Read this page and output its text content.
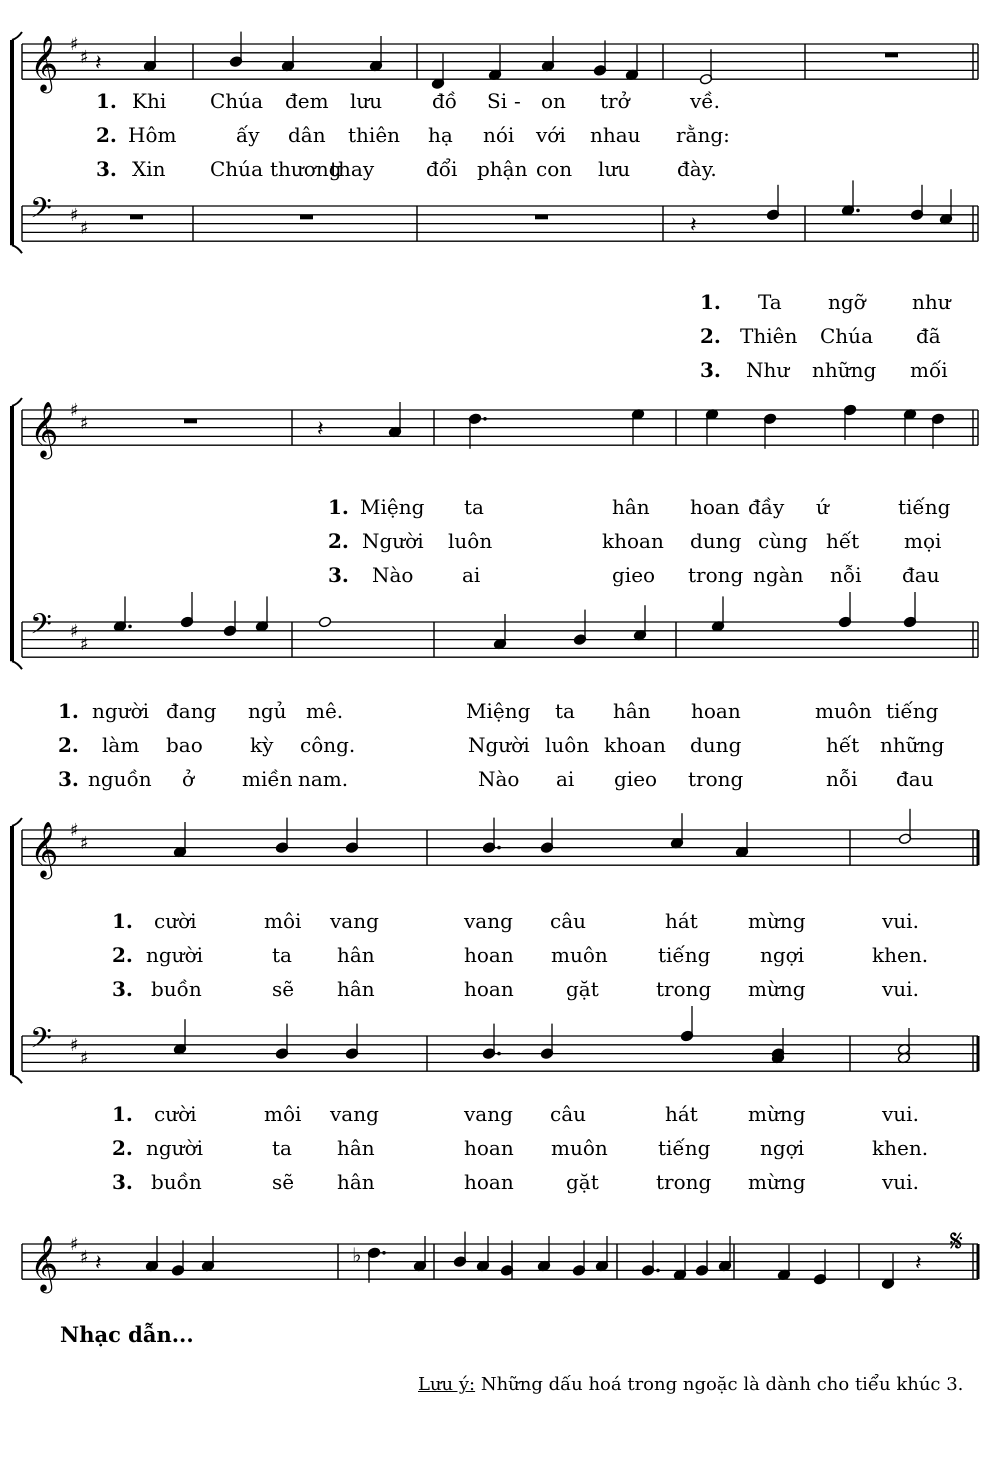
𝄞 ♯
♯
𝄢 ♯
♯
𝄞 ♯
♯
𝄢 ♯
♯
𝄞 ♯
♯
𝄢 ♯
♯
𝄞 ♯
♯
𝄽
𝄽
𝄽
𝄽	♭	𝄽
1. Khi Chúa đem lưu đồ Si - on trở	về.
2. Hôm	ấy dân thiên hạ nói với nhau rằng:
3. Xin Chúa thương
thay	đổi phận con lưu đày.
1. Ta ngỡ như
2. Thiên Chúa đã
3. Như những mối
1. Miệng ta	hân hoan đầy ứ	tiếng
2. Người luôn	khoan dung cùng hết mọi
3. Nào ai	gieo trong ngàn nỗi đau
1. người đang ngủ mê.	Miệng ta hân hoan	muôn tiếng
2. làm bao kỳ công.	Người luôn khoan dung	hết những
3. nguồn ở miền nam.	Nào ai gieo trong	nỗi đau
1. cười	môi vang	vang câu	hát	mừng	vui.
2. người	ta hân	hoan muôn	tiếng ngợi	khen.
3. buồn	sẽ hân	hoan	gặt	trong mừng	vui.
1. cười	môi vang	vang câu	hát	mừng	vui.
2. người	ta hân	hoan muôn	tiếng ngợi	khen.
3. buồn	sẽ hân	hoan	gặt	trong mừng	vui.
Nhạc dẫn...
𝄋
Lưu ý: Những dấu hoá trong ngoặc là dành cho tiểu khúc 3.
